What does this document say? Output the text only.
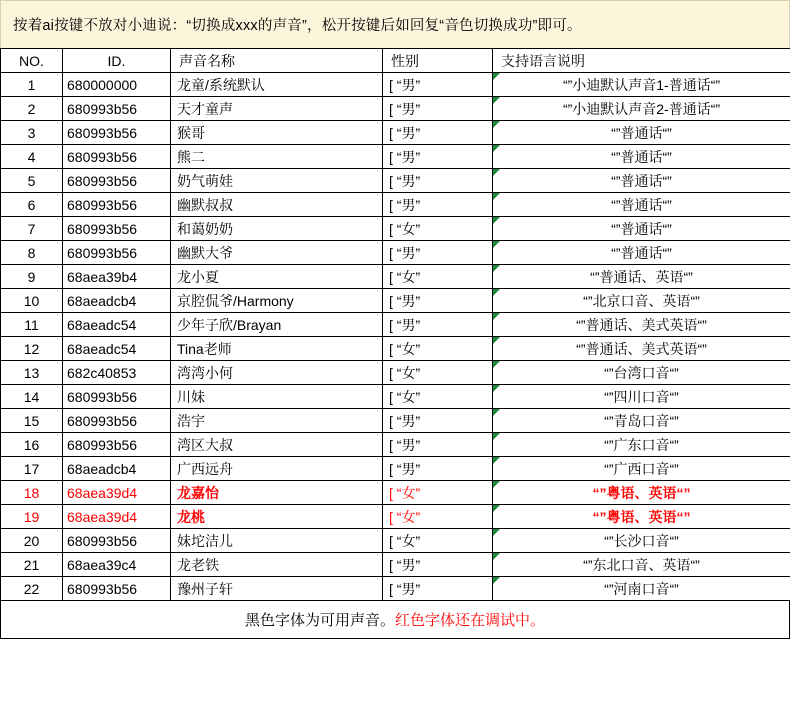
按着ai按键不放对小迪说：“切换成xxx的声音”，松开按键后如回复“音色切换成功”即可。
NO.	ID.	声音名称	性别	支持语言说明
1	680000000	龙童/系统默认	[ “男”	“”小迪默认声音1-普通话“”
2	680993b56	天才童声	[ “男”	“”小迪默认声音2-普通话“”
3	680993b56	猴哥	[ “男”	“”普通话“”
4	680993b56	熊二	[ “男”	“”普通话“”
5	680993b56	奶气萌娃	[ “男”	“”普通话“”
6	680993b56	幽默叔叔	[ “男”	“”普通话“”
7	680993b56	和蔼奶奶	[ “女”	“”普通话“”
8	680993b56	幽默大爷	[ “男”	“”普通话“”
9	68aea39b4	龙小夏	[ “女”	“”普通话、英语“”
10	68aeadcb4	京腔侃爷/Harmony	[ “男”	“”北京口音、英语“”
11	68aeadc54	少年子欣/Brayan	[ “男”	“”普通话、美式英语“”
12	68aeadc54	Tina老师	[ “女”	“”普通话、美式英语“”
13	682c40853	湾湾小何	[ “女”	“”台湾口音“”
14	680993b56	川妹	[ “女”	“”四川口音“”
15	680993b56	浩宇	[ “男”	“”青岛口音“”
16	680993b56	湾区大叔	[ “男”	“”广东口音“”
17	68aeadcb4	广西远舟	[ “男”	“”广西口音“”
18	68aea39d4	龙嘉怡	[ “女”	“”粤语、英语“”
19	68aea39d4	龙桃	[ “女”	“”粤语、英语“”
20	680993b56	妹坨洁儿	[ “女”	“”长沙口音“”
21	68aea39c4	龙老铁	[ “男”	“”东北口音、英语“”
22	680993b56	豫州子轩	[ “男”	“”河南口音“”
黑色字体为可用声音。 红色字体还在调试中。
